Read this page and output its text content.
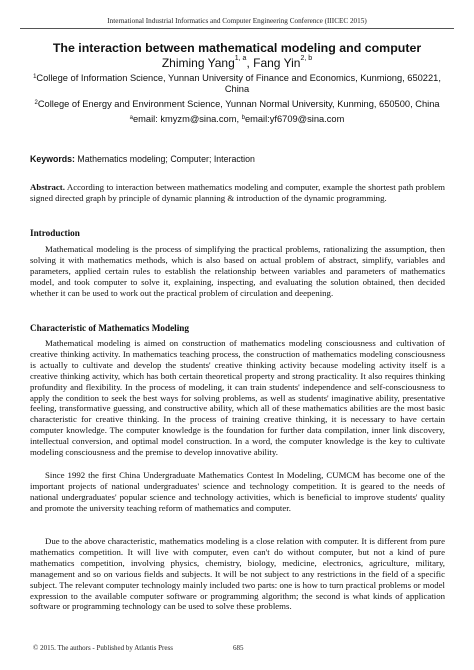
International Industrial Informatics and Computer Engineering Conference (IIICEC 2015)
The interaction between mathematical modeling and computer
Zhiming Yang$^{1, a}$, Fang Yin$^{2, b}$
$^1$College of Information Science, Yunnan University of Finance and Economics, Kunmiong, 650221, China
$^2$College of Energy and Environment Science, Yunnan Normal University, Kunming, 650500, China
$^a$email: kmyzm@sina.com, $^b$email:yf6709@sina.com
Keywords: Mathematics modeling; Computer; Interaction
Abstract. According to interaction between mathematics modeling and computer, example the shortest path problem signed directed graph by principle of dynamic planning & introduction of the dynamic programming.
Introduction

Mathematical modeling is the process of simplifying the practical problems, rationalizing the assumption, then solving it with mathematics methods, which is also based on actual problem of abstract, simplify, variables and parameters, applied certain rules to establish the relationship between variables and parameters of mathematics model, and took computer to solve it, explaining, inspecting, and evaluating the solution obtained, then decided whether it can be used to work out the practical problem of circulation and deepening.

Characteristic of Mathematics Modeling

Mathematical modeling is aimed on construction of mathematics modeling consciousness and cultivation of creative thinking activity. In mathematics teaching process, the construction of mathematics modeling consciousness is actually to cultivate and develop the students' creative thinking activity because modeling activity itself is a creative thinking activity, which has both certain theoretical property and strong practicality. It also requires thinking profundity and flexibility. In the process of modeling, it can train students' independence and self-consciousness to apply the condition to seek the best ways for solving problems, as well as students' imaginative ability, presentative feeling, transformative guessing, and constructive ability, which all of these mathematics abilities are the most basic characteristic for creative thinking. In the process of training creative thinking, it is necessary to have certain computer knowledge. The computer knowledge is the foundation for further data compilation, inner link discovery, intellectual conversion, and optimal model construction. In a word, the computer knowledge is the key to cultivate modeling consciousness and the premise to develop innovative ability.

Since 1992 the first China Undergraduate Mathematics Contest In Modeling, CUMCM has become one of the important projects of national undergraduates' science and technology competition. It is geared to the needs of national undergraduates' popular science and technology activities, which is beneficial to improve students' quality and promote the university teaching reform of mathematics and computer.

Due to the above characteristic, mathematics modeling is a close relation with computer. It is different from pure mathematics competition. It will live with computer, even can't do without computer, but not a kind of pure mathematics competition, involving physics, chemistry, biology, medicine, electronics, agriculture, military, management and so on various fields and subjects. It will be not subject to any restrictions in the field of a specific subject. The relevant computer technology mainly included two parts: one is how to turn practical problems or model expression to the available computer software or programming algorithm; the second is what kinds of application software or programming technology can be used to solve these problems.

© 2015. The authors - Published by Atlantis Press	685
